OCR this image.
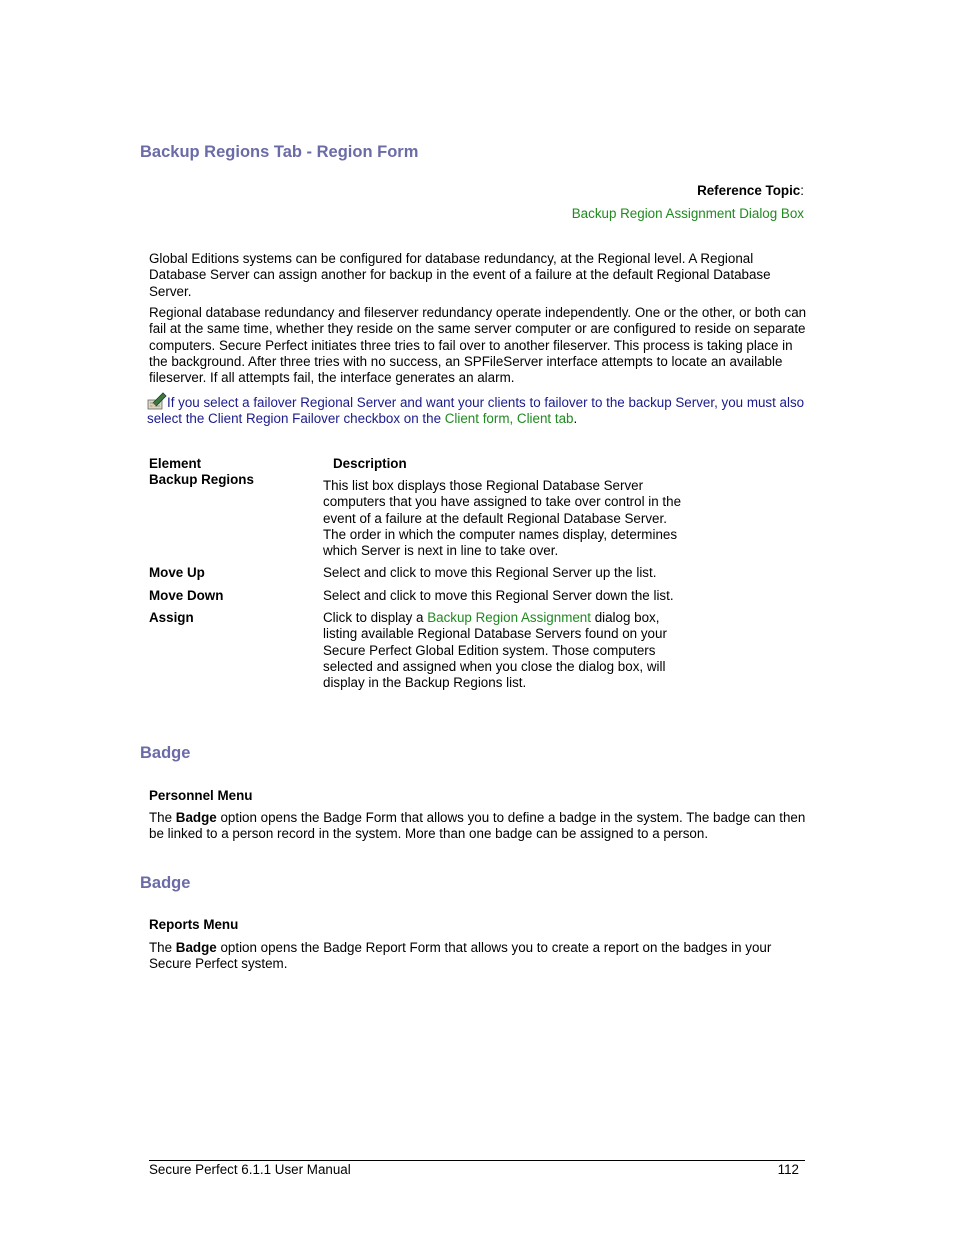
Backup Regions Tab - Region Form
Reference Topic:
Backup Region Assignment Dialog Box

Global Editions systems can be configured for database redundancy, at the Regional level. A Regional Database Server can assign another for backup in the event of a failure at the default Regional Database Server.

Regional database redundancy and fileserver redundancy operate independently. One or the other, or both can fail at the same time, whether they reside on the same server computer or are configured to reside on separate computers. Secure Perfect initiates three tries to fail over to another fileserver. This process is taking place in the background. After three tries with no success, an SPFileServer interface attempts to locate an available fileserver. If all attempts fail, the interface generates an alarm.

If you select a failover Regional Server and want your clients to failover to the backup Server, you must also select the Client Region Failover checkbox on the Client form, Client tab.

Element	Description
Backup Regions	This list box displays those Regional Database Server computers that you have assigned to take over control in the event of a failure at the default Regional Database Server. The order in which the computer names display, determines which Server is next in line to take over.
Move Up	Select and click to move this Regional Server up the list.
Move Down	Select and click to move this Regional Server down the list.
Assign	Click to display a Backup Region Assignment dialog box, listing available Regional Database Servers found on your Secure Perfect Global Edition system. Those computers selected and assigned when you close the dialog box, will display in the Backup Regions list.
Badge
Personnel Menu

The Badge option opens the Badge Form that allows you to define a badge in the system. The badge can then be linked to a person record in the system. More than one badge can be assigned to a person.

Badge
Reports Menu

The Badge option opens the Badge Report Form that allows you to create a report on the badges in your Secure Perfect system.

Secure Perfect 6.1.1 User Manual	112
